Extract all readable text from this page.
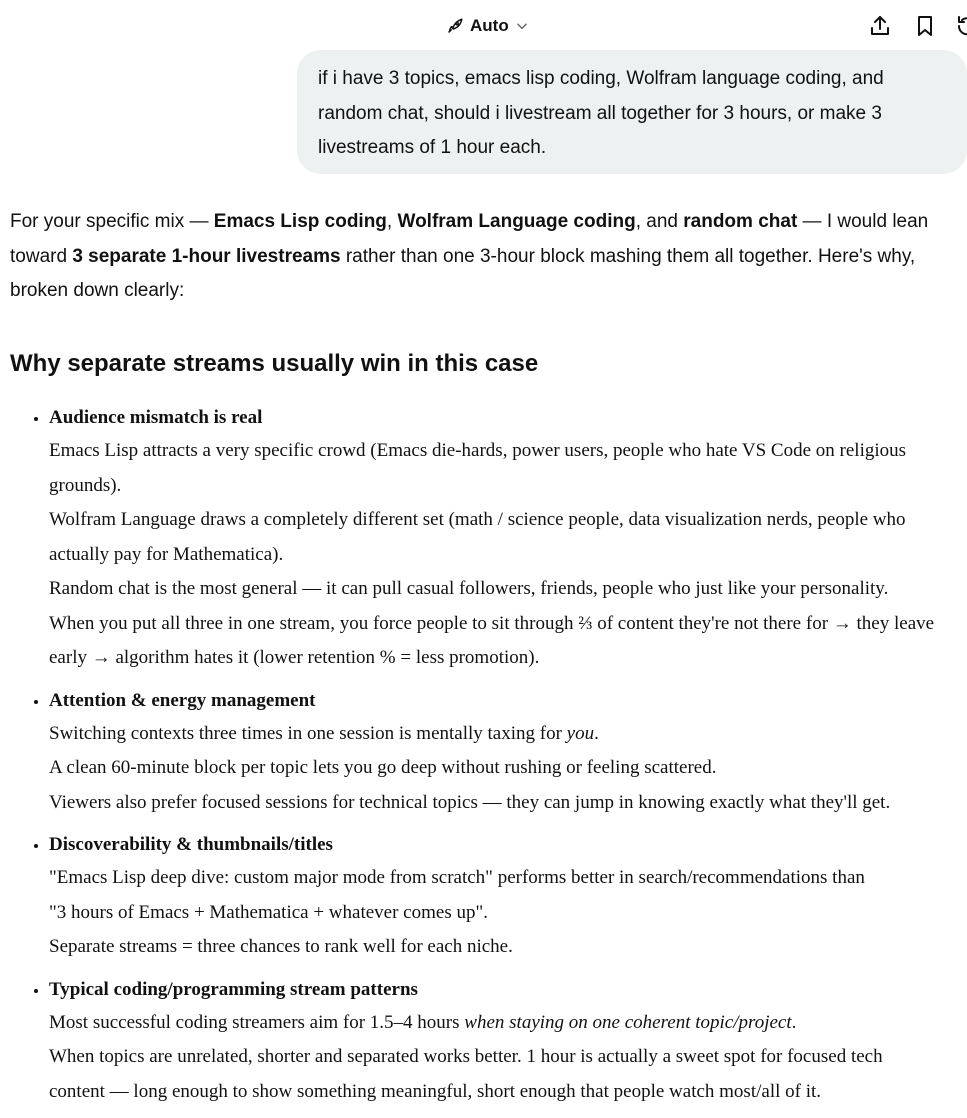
Auto
if i have 3 topics, emacs lisp coding, Wolfram language coding, and
random chat, should i livestream all together for 3 hours, or make 3
livestreams of 1 hour each.

For your specific mix — Emacs Lisp coding, Wolfram Language coding, and random chat — I would lean
toward 3 separate 1-hour livestreams rather than one 3-hour block mashing them all together. Here's why,
broken down clearly:

Why separate streams usually win in this case
• Audience mismatch is real
Emacs Lisp attracts a very specific crowd (Emacs die-hards, power users, people who hate VS Code on religious
grounds).
Wolfram Language draws a completely different set (math / science people, data visualization nerds, people who
actually pay for Mathematica).
Random chat is the most general — it can pull casual followers, friends, people who just like your personality.
When you put all three in one stream, you force people to sit through ⅔ of content they're not there for → they leave
early → algorithm hates it (lower retention % = less promotion).
• Attention & energy management
Switching contexts three times in one session is mentally taxing for you.
A clean 60-minute block per topic lets you go deep without rushing or feeling scattered.
Viewers also prefer focused sessions for technical topics — they can jump in knowing exactly what they'll get.
• Discoverability & thumbnails/titles
"Emacs Lisp deep dive: custom major mode from scratch" performs better in search/recommendations than
"3 hours of Emacs + Mathematica + whatever comes up".
Separate streams = three chances to rank well for each niche.
• Typical coding/programming stream patterns
Most successful coding streamers aim for 1.5–4 hours when staying on one coherent topic/project.
When topics are unrelated, shorter and separated works better. 1 hour is actually a sweet spot for focused tech
content — long enough to show something meaningful, short enough that people watch most/all of it.
